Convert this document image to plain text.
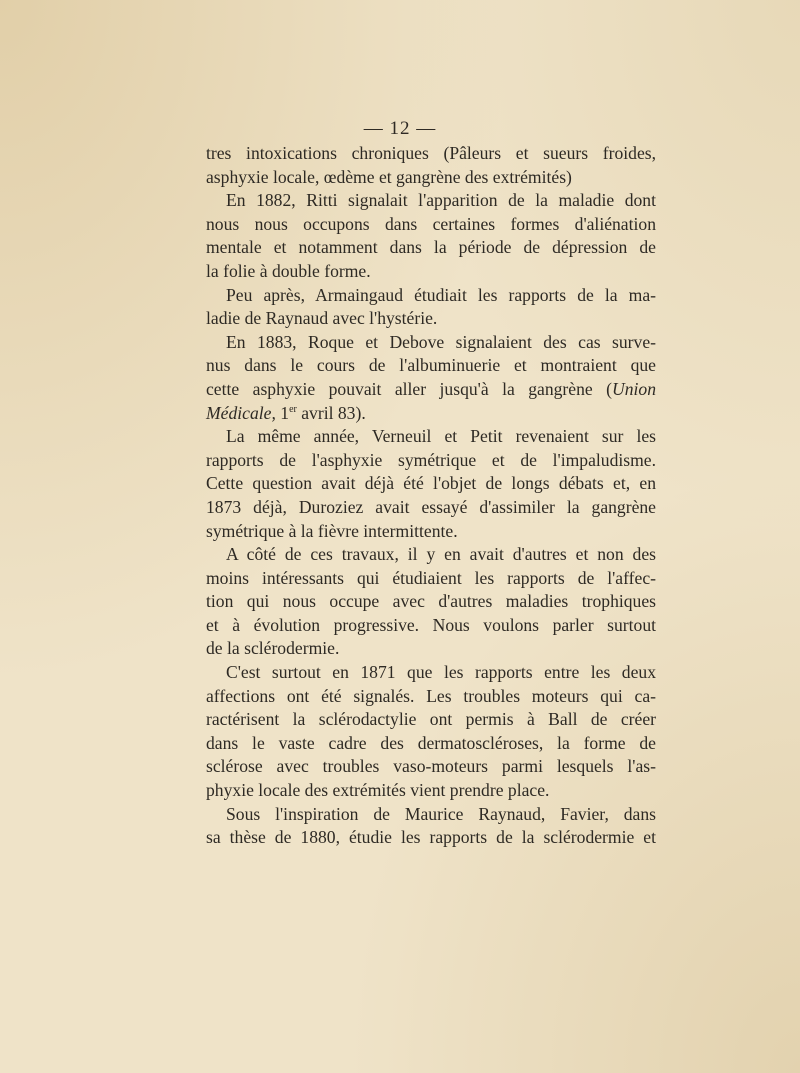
— 12 —
tres intoxications chroniques (Pâleurs et sueurs froides,
asphyxie locale, œdème et gangrène des extrémités)
En 1882, Ritti signalait l'apparition de la maladie dont
nous nous occupons dans certaines formes d'aliénation
mentale et notamment dans la période de dépression de
la folie à double forme.
Peu après, Armaingaud étudiait les rapports de la ma-
ladie de Raynaud avec l'hystérie.
En 1883, Roque et Debove signalaient des cas surve-
nus dans le cours de l'albuminuerie et montraient que
cette asphyxie pouvait aller jusqu'à la gangrène (Union
Médicale, 1er avril 83).
La même année, Verneuil et Petit revenaient sur les
rapports de l'asphyxie symétrique et de l'impaludisme.
Cette question avait déjà été l'objet de longs débats et, en
1873 déjà, Duroziez avait essayé d'assimiler la gangrène
symétrique à la fièvre intermittente.
A côté de ces travaux, il y en avait d'autres et non des
moins intéressants qui étudiaient les rapports de l'affec-
tion qui nous occupe avec d'autres maladies trophiques
et à évolution progressive. Nous voulons parler surtout
de la sclérodermie.
C'est surtout en 1871 que les rapports entre les deux
affections ont été signalés. Les troubles moteurs qui ca-
ractérisent la sclérodactylie ont permis à Ball de créer
dans le vaste cadre des dermatoscléroses, la forme de
sclérose avec troubles vaso-moteurs parmi lesquels l'as-
phyxie locale des extrémités vient prendre place.
Sous l'inspiration de Maurice Raynaud, Favier, dans
sa thèse de 1880, étudie les rapports de la sclérodermie et
